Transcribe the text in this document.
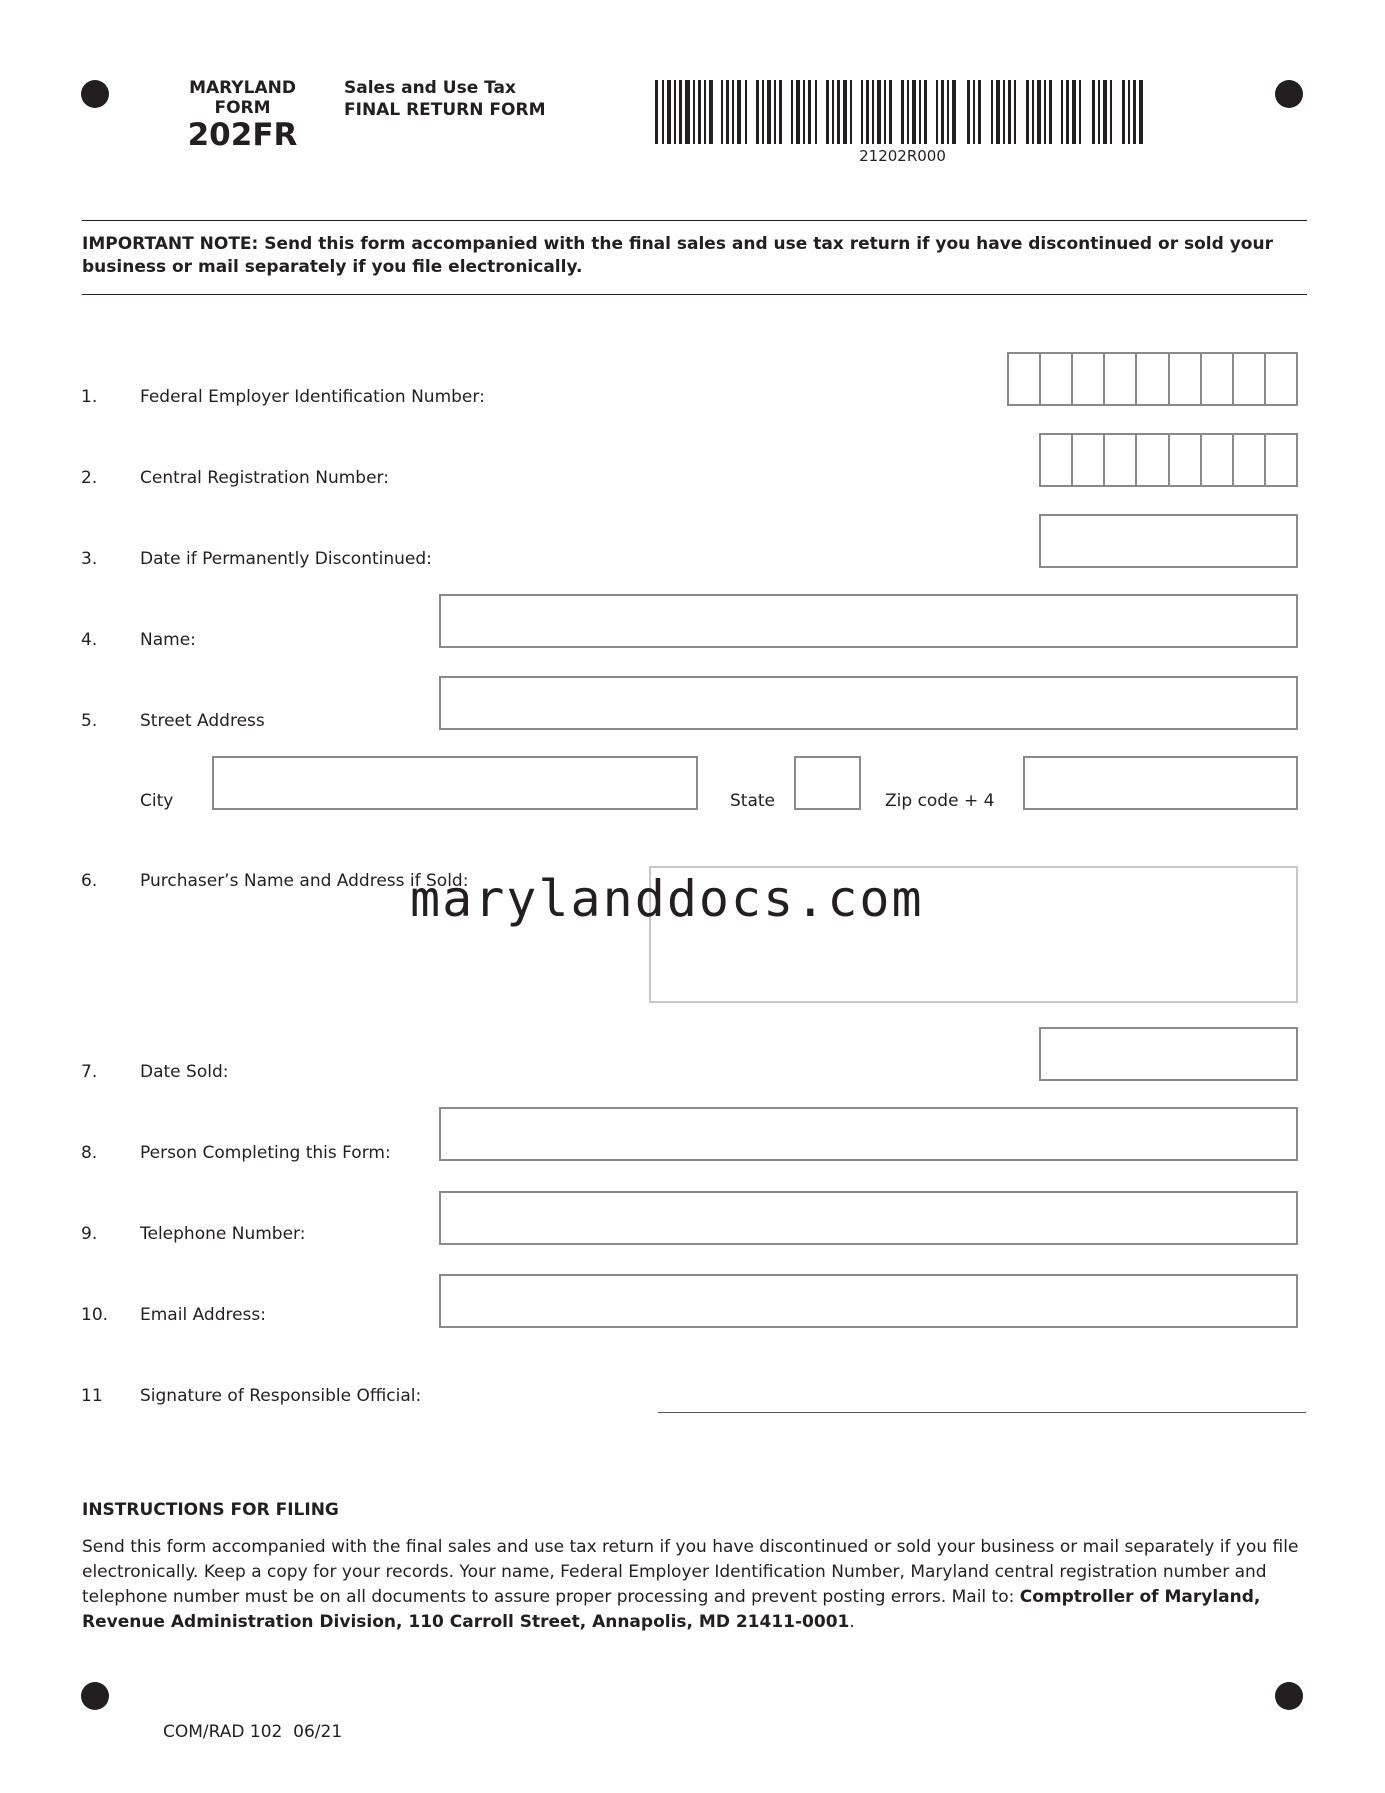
MARYLAND
FORM
202FR
Sales and Use Tax
FINAL RETURN FORM
21202R000
IMPORTANT NOTE: Send this form accompanied with the final sales and use tax return if you have discontinued or sold your business or mail separately if you file electronically.
1.	Federal Employer Identification Number:
2.	Central Registration Number:
3.	Date if Permanently Discontinued:
4.	Name:
5.	Street Address
City	State	Zip code + 4
6.	Purchaser’s Name and Address if Sold:
marylanddocs.com
7.	Date Sold:
8.	Person Completing this Form:
9.	Telephone Number:
10. Email Address:
11 Signature of Responsible Official:
INSTRUCTIONS FOR FILING
Send this form accompanied with the final sales and use tax return if you have discontinued or sold your business or mail separately if you file electronically. Keep a copy for your records. Your name, Federal Employer Identification Number, Maryland central registration number and telephone number must be on all documents to assure proper processing and prevent posting errors. Mail to: Comptroller of Maryland, Revenue Administration Division, 110 Carroll Street, Annapolis, MD 21411-0001.
COM/RAD 102  06/21
